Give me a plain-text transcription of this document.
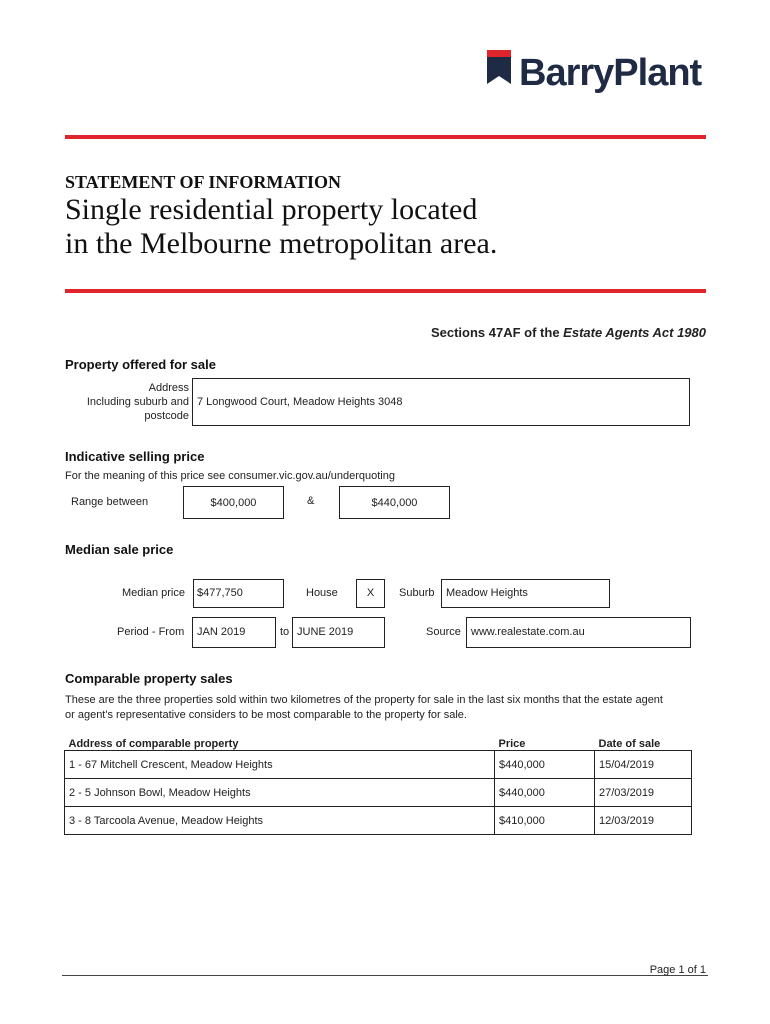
BarryPlant
STATEMENT OF INFORMATION
Single residential property located
in the Melbourne metropolitan area.
Sections 47AF of the Estate Agents Act 1980
Property offered for sale
Address
Including suburb and
postcode
7 Longwood Court, Meadow Heights 3048
Indicative selling price
For the meaning of this price see consumer.vic.gov.au/underquoting
Range between	$400,000	&	$440,000
Median sale price
Median price	$477,750	House	X	Suburb	Meadow Heights
Period - From	JAN 2019	to JUNE 2019	Source www.realestate.com.au
Comparable property sales
These are the three properties sold within two kilometres of the property for sale in the last six months that the estate agent
or agent's representative considers to be most comparable to the property for sale.
Address of comparable property	Price	Date of sale
1 - 67 Mitchell Crescent, Meadow Heights	$440,000	15/04/2019
2 - 5 Johnson Bowl, Meadow Heights	$440,000	27/03/2019
3 - 8 Tarcoola Avenue, Meadow Heights	$410,000	12/03/2019
Page 1 of 1
